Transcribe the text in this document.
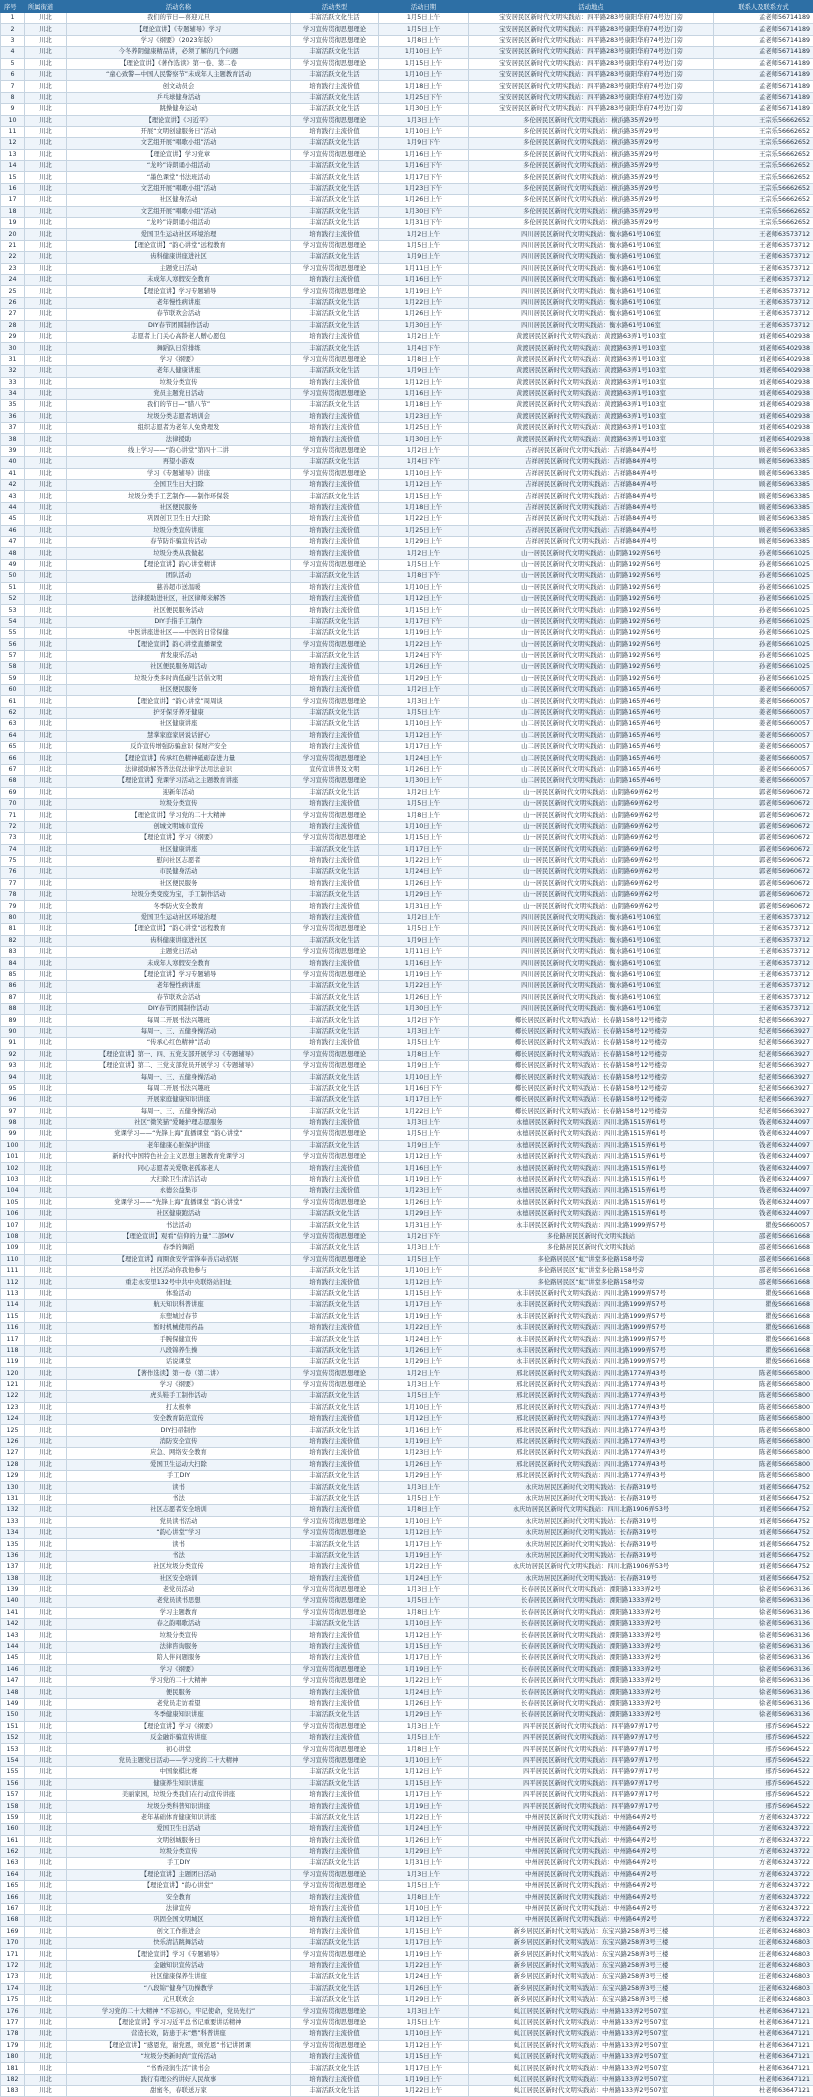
序号	所属街道	活动名称	活动类型	活动日期	活动地点	联系人及联系方式
1	川北	我们的节日—喜迎元旦	丰富活跃文化生活	1月5日上午	宝安居民区新时代文明实践站：四平路283号康阳华府74号边门旁	孟老师56714189
2	川北	【理论宣讲】《专题辅导》学习	学习宣传贯彻思想理论	1月5日上午	宝安居民区新时代文明实践站：四平路283号康阳华府74号边门旁	孟老师56714189
3	川北	学习《纲要》（2023年版）	学习宣传贯彻思想理论	1月8日上午	宝安居民区新时代文明实践站：四平路283号康阳华府74号边门旁	孟老师56714189
4	川北	今冬养阴健康精品讲，必须了解的几个问题	丰富活跃文化生活	1月10日上午	宝安居民区新时代文明实践站：四平路283号康阳华府74号边门旁	孟老师56714189
5	川北	【理论宣讲】《著作选读》第一卷、第二卷	学习宣传贯彻思想理论	1月15日上午	宝安居民区新时代文明实践站：四平路283号康阳华府74号边门旁	孟老师56714189
6	川北	“童心致警—中国人民警察节”未成年人主题教育活动	丰富活跃文化生活	1月10日上午	宝安居民区新时代文明实践站：四平路283号康阳华府74号边门旁	孟老师56714189
7	川北	创文动员会	培育践行主流价值	1月18日上午	宝安居民区新时代文明实践站：四平路283号康阳华府74号边门旁	孟老师56714189
8	川北	乒乓球健身活动	丰富活跃文化生活	1月25日下午	宝安居民区新时代文明实践站：四平路283号康阳华府74号边门旁	孟老师56714189
9	川北	跳操健身运动	丰富活跃文化生活	1月30日上午	宝安居民区新时代文明实践站：四平路283号康阳华府74号边门旁	孟老师56714189
10	川北	【理论宣讲】《习近平》	学习宣传贯彻思想理论	1月3日上午	多伦居民区新时代文明实践站：横浜路35弄29号	王宗乐56662652
11	川北	开展“文明创建服务日”活动	培育践行主流价值	1月10日上午	多伦居民区新时代文明实践站：横浜路35弄29号	王宗乐56662652
12	川北	文艺组开展“唱歌小组”活动	丰富活跃文化生活	1月9日下午	多伦居民区新时代文明实践站：横浜路35弄29号	王宗乐56662652
13	川北	【理论宣讲】学习党章	学习宣传贯彻思想理论	1月16日上午	多伦居民区新时代文明实践站：横浜路35弄29号	王宗乐56662652
14	川北	“龙吟”诗朗诵小组活动	丰富活跃文化生活	1月16日下午	多伦居民区新时代文明实践站：横浜路35弄29号	王宗乐56662652
15	川北	“墨色课堂”书法班活动	丰富活跃文化生活	1月17日下午	多伦居民区新时代文明实践站：横浜路35弄29号	王宗乐56662652
16	川北	文艺组开展“唱歌小组”活动	丰富活跃文化生活	1月23日下午	多伦居民区新时代文明实践站：横浜路35弄29号	王宗乐56662652
17	川北	社区健身活动	丰富活跃文化生活	1月26日上午	多伦居民区新时代文明实践站：横浜路35弄29号	王宗乐56662652
18	川北	文艺组开展“唱歌小组”活动	丰富活跃文化生活	1月30日下午	多伦居民区新时代文明实践站：横浜路35弄29号	王宗乐56662652
19	川北	“龙吟”诗朗诵小组活动	丰富活跃文化生活	1月31日下午	多伦居民区新时代文明实践站：横浜路35弄29号	王宗乐56662652
20	川北	爱国卫生运动社区环境治理	培育践行主流价值	1月2日上午	四川居民区新时代文明实践站：衡水路61号106室	王老师63573712
21	川北	【理论宣讲】“韵心讲堂”远程教育	学习宣传贯彻思想理论	1月5日上午	四川居民区新时代文明实践站：衡水路61号106室	王老师63573712
22	川北	齿科健康讲座进社区	丰富活跃文化生活	1月9日上午	四川居民区新时代文明实践站：衡水路61号106室	王老师63573712
23	川北	主题党日活动	学习宣传贯彻思想理论	1月11日上午	四川居民区新时代文明实践站：衡水路61号106室	王老师63573712
24	川北	未成年人寒假安全教育	培育践行主流价值	1月16日上午	四川居民区新时代文明实践站：衡水路61号106室	王老师63573712
25	川北	【理论宣讲】学习专题辅导	学习宣传贯彻思想理论	1月19日上午	四川居民区新时代文明实践站：衡水路61号106室	王老师63573712
26	川北	老年慢性病讲座	丰富活跃文化生活	1月22日上午	四川居民区新时代文明实践站：衡水路61号106室	王老师63573712
27	川北	春节联欢会活动	丰富活跃文化生活	1月26日上午	四川居民区新时代文明实践站：衡水路61号106室	王老师63573712
28	川北	DIY春节团圆制作活动	丰富活跃文化生活	1月30日上午	四川居民区新时代文明实践站：衡水路61号106室	王老师63573712
29	川北	志愿者上门关心高龄老人赠心愿包	培育践行主流价值	1月2日上午	黄渡居民区新时代文明实践站：黄渡路63弄1号103室	刘老师65402938
30	川北	舞蹈队日常排练	丰富活跃文化生活	1月4日下午	黄渡居民区新时代文明实践站：黄渡路63弄1号103室	刘老师65402938
31	川北	学习《纲要》	学习宣传贯彻思想理论	1月8日上午	黄渡居民区新时代文明实践站：黄渡路63弄1号103室	刘老师65402938
32	川北	老年人健康讲座	丰富活跃文化生活	1月9日上午	黄渡居民区新时代文明实践站：黄渡路63弄1号103室	刘老师65402938
33	川北	垃圾分类宣传	培育践行主流价值	1月12日上午	黄渡居民区新时代文明实践站：黄渡路63弄1号103室	刘老师65402938
34	川北	党员主题党日活动	学习宣传贯彻思想理论	1月16日上午	黄渡居民区新时代文明实践站：黄渡路63弄1号103室	刘老师65402938
35	川北	我们的节日—“腊八节”	丰富活跃文化生活	1月18日上午	黄渡居民区新时代文明实践站：黄渡路63弄1号103室	刘老师65402938
36	川北	垃圾分类志愿者培训会	培育践行主流价值	1月23日上午	黄渡居民区新时代文明实践站：黄渡路63弄1号103室	刘老师65402938
37	川北	组织志愿者为老年人免费理发	培育践行主流价值	1月25日上午	黄渡居民区新时代文明实践站：黄渡路63弄1号103室	刘老师65402938
38	川北	法律援助	培育践行主流价值	1月30日上午	黄渡居民区新时代文明实践站：黄渡路63弄1号103室	刘老师65402938
39	川北	线上学习——“韵心讲堂”第四十二讲	学习宣传贯彻思想理论	1月2日上午	吉祥居民区新时代文明实践站：吉祥路84弄4号	顾老师56963385
40	川北	再望小游戏	丰富活跃文化生活	1月4日下午	吉祥居民区新时代文明实践站：吉祥路84弄4号	顾老师56963385
41	川北	学习《专题辅导》讲座	学习宣传贯彻思想理论	1月10日上午	吉祥居民区新时代文明实践站：吉祥路84弄4号	顾老师56963385
42	川北	全国卫生日大扫除	培育践行主流价值	1月12日上午	吉祥居民区新时代文明实践站：吉祥路84弄4号	顾老师56963385
43	川北	垃圾分类手工艺制作——制作环保袋	丰富活跃文化生活	1月15日上午	吉祥居民区新时代文明实践站：吉祥路84弄4号	顾老师56963385
44	川北	社区便民服务	培育践行主流价值	1月18日上午	吉祥居民区新时代文明实践站：吉祥路84弄4号	顾老师56963385
45	川北	巩固创卫卫生日大扫除	培育践行主流价值	1月22日上午	吉祥居民区新时代文明实践站：吉祥路84弄4号	顾老师56963385
46	川北	垃圾分类宣传讲座	培育践行主流价值	1月25日上午	吉祥居民区新时代文明实践站：吉祥路84弄4号	顾老师56963385
47	川北	春节防诈骗宣传活动	培育践行主流价值	1月29日上午	吉祥居民区新时代文明实践站：吉祥路84弄4号	顾老师56963385
48	川北	垃圾分类从我做起	培育践行主流价值	1月2日上午	山一居民区新时代文明实践站：山阴路192弄56号	孙老师56661025
49	川北	【理论宣讲】韵心讲堂精讲	学习宣传贯彻思想理论	1月5日上午	山一居民区新时代文明实践站：山阴路192弄56号	孙老师56661025
50	川北	团队活动	丰富活跃文化生活	1月8日下午	山一居民区新时代文明实践站：山阴路192弄56号	孙老师56661025
51	川北	慈善超市送温暖	培育践行主流价值	1月10日上午	山一居民区新时代文明实践站：山阴路192弄56号	孙老师56661025
52	川北	法律援助进社区，社区律师来解答	培育践行主流价值	1月12日上午	山一居民区新时代文明实践站：山阴路192弄56号	孙老师56661025
53	川北	社区便民服务活动	培育践行主流价值	1月15日上午	山一居民区新时代文明实践站：山阴路192弄56号	孙老师56661025
54	川北	DIY手指手工制作	丰富活跃文化生活	1月17日下午	山一居民区新时代文明实践站：山阴路192弄56号	孙老师56661025
55	川北	中医讲座进社区——中医的日常保健	丰富活跃文化生活	1月19日上午	山一居民区新时代文明实践站：山阴路192弄56号	孙老师56661025
56	川北	【理论宣讲】韵心讲堂直播课堂	学习宣传贯彻思想理论	1月22日上午	山一居民区新时代文明实践站：山阴路192弄56号	孙老师56661025
57	川北	青发康乐活动	丰富活跃文化生活	1月24日下午	山一居民区新时代文明实践站：山阴路192弄56号	孙老师56661025
58	川北	社区便民服务周活动	培育践行主流价值	1月26日上午	山一居民区新时代文明实践站：山阴路192弄56号	孙老师56661025
59	川北	垃圾分类多时尚低碳生活倡文明	培育践行主流价值	1月29日上午	山一居民区新时代文明实践站：山阴路192弄56号	孙老师56661025
60	川北	社区便民服务	培育践行主流价值	1月2日上午	山二居民区新时代文明实践站：山阴路165弄46号	姜老师56660057
61	川北	【理论宣讲】“韵心讲堂”周周谈	学习宣传贯彻思想理论	1月3日上午	山二居民区新时代文明实践站：山阴路165弄46号	姜老师56660057
62	川北	护牙保牙养牙健康	丰富活跃文化生活	1月5日上午	山二居民区新时代文明实践站：山阴路165弄46号	姜老师56660057
63	川北	社区健康讲座	丰富活跃文化生活	1月10日上午	山二居民区新时代文明实践站：山阴路165弄46号	姜老师56660057
64	川北	慧掌家庭家居说话舒心	培育践行主流价值	1月12日上午	山二居民区新时代文明实践站：山阴路165弄46号	姜老师56660057
65	川北	反诈宣传增强防骗意识 保财产安全	培育践行主流价值	1月17日上午	山二居民区新时代文明实践站：山阴路165弄46号	姜老师56660057
66	川北	【理论宣讲】传承红色精神砥砺奋进力量	学习宣传贯彻思想理论	1月24日上午	山二居民区新时代文明实践站：山阴路165弄46号	姜老师56660057
67	川北	法律援助解答普法促法律学法用法意识	宣传宣讲普及文明	1月26日上午	山二居民区新时代文明实践站：山阴路165弄46号	姜老师56660057
68	川北	【理论宣讲】党课学习活动之主题教育讲座	学习宣传贯彻思想理论	1月30日上午	山二居民区新时代文明实践站：山阴路165弄46号	姜老师56660057
69	川北	迎新年活动	丰富活跃文化生活	1月2日上午	山一居民区新时代文明实践站：山阴路69弄62号	郭老师56960672
70	川北	垃圾分类宣传	培育践行主流价值	1月5日上午	山一居民区新时代文明实践站：山阴路69弄62号	郭老师56960672
71	川北	【理论宣讲】学习党的二十大精神	学习宣传贯彻思想理论	1月8日上午	山一居民区新时代文明实践站：山阴路69弄62号	郭老师56960672
72	川北	创城文明城市宣传	培育践行主流价值	1月10日上午	山一居民区新时代文明实践站：山阴路69弄62号	郭老师56960672
73	川北	【理论宣讲】学习《纲要》	学习宣传贯彻思想理论	1月15日上午	山一居民区新时代文明实践站：山阴路69弄62号	郭老师56960672
74	川北	社区健康讲座	丰富活跃文化生活	1月17日上午	山一居民区新时代文明实践站：山阴路69弄62号	郭老师56960672
75	川北	慰问社区志愿者	培育践行主流价值	1月22日上午	山一居民区新时代文明实践站：山阴路69弄62号	郭老师56960672
76	川北	市民健身活动	丰富活跃文化生活	1月24日上午	山一居民区新时代文明实践站：山阴路69弄62号	郭老师56960672
77	川北	社区便民服务	培育践行主流价值	1月26日上午	山一居民区新时代文明实践站：山阴路69弄62号	郭老师56960672
78	川北	垃圾分类变废为宝，手工制作活动	丰富活跃文化生活	1月29日上午	山一居民区新时代文明实践站：山阴路69弄62号	郭老师56960672
79	川北	冬季防火安全教育	培育践行主流价值	1月31日上午	山一居民区新时代文明实践站：山阴路69弄62号	郭老师56960672
80	川北	爱国卫生运动社区环境治理	培育践行主流价值	1月2日上午	四川居民区新时代文明实践站：衡水路61号106室	王老师63573712
81	川北	【理论宣讲】“韵心讲堂”远程教育	学习宣传贯彻思想理论	1月5日上午	四川居民区新时代文明实践站：衡水路61号106室	王老师63573712
82	川北	齿科健康讲座进社区	丰富活跃文化生活	1月9日上午	四川居民区新时代文明实践站：衡水路61号106室	王老师63573712
83	川北	主题党日活动	学习宣传贯彻思想理论	1月11日上午	四川居民区新时代文明实践站：衡水路61号106室	王老师63573712
84	川北	未成年人寒假安全教育	培育践行主流价值	1月16日上午	四川居民区新时代文明实践站：衡水路61号106室	王老师63573712
85	川北	【理论宣讲】学习专题辅导	学习宣传贯彻思想理论	1月19日上午	四川居民区新时代文明实践站：衡水路61号106室	王老师63573712
86	川北	老年慢性病讲座	丰富活跃文化生活	1月22日上午	四川居民区新时代文明实践站：衡水路61号106室	王老师63573712
87	川北	春节联欢会活动	丰富活跃文化生活	1月26日上午	四川居民区新时代文明实践站：衡水路61号106室	王老师63573712
88	川北	DIY春节团圆制作活动	丰富活跃文化生活	1月30日上午	四川居民区新时代文明实践站：衡水路61号106室	王老师63573712
89	川北	每周二开展书法兴趣班	丰富活跃文化生活	1月2日下午	椰长居民区新时代文明实践站：长春路158号12号楼旁	纪老师56663927
90	川北	每周一、三、五健身操活动	丰富活跃文化生活	1月3日上午	椰长居民区新时代文明实践站：长春路158号12号楼旁	纪老师56663927
91	川北	“传承心红色精神”活动	培育践行主流价值	1月5日上午	椰长居民区新时代文明实践站：长春路158号12号楼旁	纪老师56663927
92	川北	【理论宣讲】第一、四、五党支部开展学习《专题辅导》	学习宣传贯彻思想理论	1月8日上午	椰长居民区新时代文明实践站：长春路158号12号楼旁	纪老师56663927
93	川北	【理论宣讲】第二、三党支部党员开展学习《专题辅导》	学习宣传贯彻思想理论	1月9日上午	椰长居民区新时代文明实践站：长春路158号12号楼旁	纪老师56663927
94	川北	每周一、三、五健身操活动	丰富活跃文化生活	1月10日上午	椰长居民区新时代文明实践站：长春路158号12号楼旁	纪老师56663927
95	川北	每周二开展书法兴趣班	丰富活跃文化生活	1月16日下午	椰长居民区新时代文明实践站：长春路158号12号楼旁	纪老师56663927
96	川北	开展家庭健康知识讲座	丰富活跃文化生活	1月17日上午	椰长居民区新时代文明实践站：长春路158号12号楼旁	纪老师56663927
97	川北	每周一、三、五健身操活动	丰富活跃文化生活	1月22日上午	椰长居民区新时代文明实践站：长春路158号12号楼旁	纪老师56663927
98	川北	社区“微笑猫”爱睡护理志愿服务	培育践行主流价值	1月3日上午	永德居民区新时代文明实践站：四川北路1515弄61号	钱老师63244097
99	川北	党课学习——“先锋上海”直播课堂 “韵心讲堂”	学习宣传贯彻思想理论	1月5日上午	永德居民区新时代文明实践站：四川北路1515弄61号	钱老师63244097
100	川北	老年健康心脏保护讲座	丰富活跃文化生活	1月9日上午	永德居民区新时代文明实践站：四川北路1515弄61号	钱老师63244097
101	川北	新时代中国特色社会主义思想主题教育党课学习	学习宣传贯彻思想理论	1月12日上午	永德居民区新时代文明实践站：四川北路1515弄61号	钱老师63244097
102	川北	同心志愿者关爱敬老孤寡老人	培育践行主流价值	1月16日上午	永德居民区新时代文明实践站：四川北路1515弄61号	钱老师63244097
103	川北	大扫除卫生清洁活动	培育践行主流价值	1月19日上午	永德居民区新时代文明实践站：四川北路1515弄61号	钱老师63244097
104	川北	永德公益集市	培育践行主流价值	1月23日上午	永德居民区新时代文明实践站：四川北路1515弄61号	钱老师63244097
105	川北	党课学习——“先锋上海”直播课堂 “韵心讲堂”	学习宣传贯彻思想理论	1月26日上午	永德居民区新时代文明实践站：四川北路1515弄61号	钱老师63244097
106	川北	社区健康跑活动	丰富活跃文化生活	1月29日上午	永德居民区新时代文明实践站：四川北路1515弄61号	钱老师63244097
107	川北	书法活动	丰富活跃文化生活	1月31日上午	永丰居民区新时代文明实践站：四川北路1999弄57号	瞿俊56660057
108	川北	【理论宣讲】观看“信仰的力量”二部MV	学习宣传贯彻思想理论	1月2日下午	多伦路居民区新时代文明实践站	邵老师56661668
109	川北	春季的舞蹈	丰富活跃文化生活	1月3日上午	多伦路居民区新时代文明实践站	邵老师56661668
110	川北	【理论宣讲】商圈食安学雷锋奉善启动招展	学习宣传贯彻思想理论	1月5日上午	多伦路居民区“虹”讲堂多伦路158号旁	邵老师56661668
111	川北	社区活动你我他参与	丰富活跃文化生活	1月10日上午	多伦路居民区“虹”讲堂多伦路158号旁	邵老师56661668
112	川北	重走永安里132号中共中央联络站旧址	培育践行主流价值	1月12日上午	多伦路居民区“虹”讲堂多伦路158号旁	邵老师56661668
113	川北	体验活动	丰富活跃文化生活	1月15日上午	永丰居民区新时代文明实践站：四川北路1999弄57号	瞿俊56661668
114	川北	航天知识科普讲座	丰富活跃文化生活	1月17日上午	永丰居民区新时代文明实践站：四川北路1999弄57号	瞿俊56661668
115	川北	东塑城过春节	丰富活跃文化生活	1月19日上午	永丰居民区新时代文明实践站：四川北路1999弄57号	瞿俊56661668
116	川北	暂时机械使用药品	培育践行主流价值	1月22日上午	永丰居民区新时代文明实践站：四川北路1999弄57号	瞿俊56661668
117	川北	手腕保健宣传	丰富活跃文化生活	1月24日上午	永丰居民区新时代文明实践站：四川北路1999弄57号	瞿俊56661668
118	川北	八段锦养生操	丰富活跃文化生活	1月26日上午	永丰居民区新时代文明实践站：四川北路1999弄57号	瞿俊56661668
119	川北	话说课堂	丰富活跃文化生活	1月29日上午	永丰居民区新时代文明实践站：四川北路1999弄57号	瞿俊56661668
120	川北	【著作选读】第一卷（第二讲）	学习宣传贯彻思想理论	1月2日上午	邢北居民区新时代文明实践站：四川北路1774弄43号	陈老师56665800
121	川北	学习《纲要》	学习宣传贯彻思想理论	1月3日上午	邢北居民区新时代文明实践站：四川北路1774弄43号	陈老师56665800
122	川北	虎头鞋手工制作活动	丰富活跃文化生活	1月5日上午	邢北居民区新时代文明实践站：四川北路1774弄43号	陈老师56665800
123	川北	打太极拳	丰富活跃文化生活	1月10日上午	邢北居民区新时代文明实践站：四川北路1774弄43号	陈老师56665800
124	川北	安全教育防范宣传	培育践行主流价值	1月12日上午	邢北居民区新时代文明实践站：四川北路1774弄43号	陈老师56665800
125	川北	DIY扫帚制作	丰富活跃文化生活	1月16日上午	邢北居民区新时代文明实践站：四川北路1774弄43号	陈老师56665800
126	川北	消防安全宣传	培育践行主流价值	1月19日上午	邢北居民区新时代文明实践站：四川北路1774弄43号	陈老师56665800
127	川北	应急、网络安全教育	培育践行主流价值	1月23日上午	邢北居民区新时代文明实践站：四川北路1774弄43号	陈老师56665800
128	川北	爱国卫生运动大扫除	培育践行主流价值	1月26日上午	邢北居民区新时代文明实践站：四川北路1774弄43号	陈老师56665800
129	川北	手工DIY	丰富活跃文化生活	1月29日上午	邢北居民区新时代文明实践站：四川北路1774弄43号	陈老师56665800
130	川北	读书	丰富活跃文化生活	1月3日上午	永庆坊居民区新时代文明实践站：长春路319号	刘老师56664752
131	川北	书法	丰富活跃文化生活	1月5日上午	永庆坊居民区新时代文明实践站：长春路319号	刘老师56664752
132	川北	社区志愿者安全培训	培育践行主流价值	1月8日上午	永庆坊居民区新时代文明实践站：四川北路1906弄53号	刘老师56664752
133	川北	党员读书活动	学习宣传贯彻思想理论	1月10日上午	永庆坊居民区新时代文明实践站：长春路319号	刘老师56664752
134	川北	“韵心讲堂”学习	学习宣传贯彻思想理论	1月12日上午	永庆坊居民区新时代文明实践站：长春路319号	刘老师56664752
135	川北	读书	丰富活跃文化生活	1月17日上午	永庆坊居民区新时代文明实践站：长春路319号	刘老师56664752
136	川北	书法	丰富活跃文化生活	1月19日上午	永庆坊居民区新时代文明实践站：长春路319号	刘老师56664752
137	川北	社区垃圾分类宣传	培育践行主流价值	1月22日上午	永庆坊居民区新时代文明实践站：四川北路1906弄53号	刘老师56664752
138	川北	社区安全培训	培育践行主流价值	1月24日上午	永庆坊居民区新时代文明实践站：长春路319号	刘老师56664752
139	川北	老党员活动	学习宣传贯彻思想理论	1月3日上午	长春居民区新时代文明实践站：溧阳路1333弄2号	徐老师56963136
140	川北	老党员读书思想	学习宣传贯彻思想理论	1月5日上午	长春居民区新时代文明实践站：溧阳路1333弄2号	徐老师56963136
141	川北	学习主题教育	学习宣传贯彻思想理论	1月8日上午	长春居民区新时代文明实践站：溧阳路1333弄2号	徐老师56963136
142	川北	春之韵唱歌活动	丰富活跃文化生活	1月10日上午	长春居民区新时代文明实践站：溧阳路1333弄2号	徐老师56963136
143	川北	垃圾分类宣传	培育践行主流价值	1月12日上午	长春居民区新时代文明实践站：溧阳路1333弄2号	徐老师56963136
144	川北	法律咨询服务	培育践行主流价值	1月15日上午	长春居民区新时代文明实践站：溧阳路1333弄2号	徐老师56963136
145	川北	陪人伴问题服务	培育践行主流价值	1月17日上午	长春居民区新时代文明实践站：溧阳路1333弄2号	徐老师56963136
146	川北	学习《纲要》	学习宣传贯彻思想理论	1月19日上午	长春居民区新时代文明实践站：溧阳路1333弄2号	徐老师56963136
147	川北	学习党的二十大精神	学习宣传贯彻思想理论	1月22日上午	长春居民区新时代文明实践站：溧阳路1333弄2号	徐老师56963136
148	川北	便民服务	培育践行主流价值	1月24日上午	长春居民区新时代文明实践站：溧阳路1333弄2号	徐老师56963136
149	川北	老党员走访看望	培育践行主流价值	1月26日上午	长春居民区新时代文明实践站：溧阳路1333弄2号	徐老师56963136
150	川北	冬季健康知识讲座	丰富活跃文化生活	1月29日上午	长春居民区新时代文明实践站：溧阳路1333弄2号	徐老师56963136
151	川北	【理论宣讲】学习《纲要》	学习宣传贯彻思想理论	1月3日上午	四平居民区新时代文明实践站：四平路97弄17号	邢乔56964522
152	川北	反金融诈骗宣传讲座	培育践行主流价值	1月5日上午	四平居民区新时代文明实践站：四平路97弄17号	邢乔56964522
153	川北	初心讲堂	学习宣传贯彻思想理论	1月8日上午	四平居民区新时代文明实践站：四平路97弄17号	邢乔56964522
154	川北	党员主题党日活动——学习党的二十大精神	学习宣传贯彻思想理论	1月10日上午	四平居民区新时代文明实践站：四平路97弄17号	邢乔56964522
155	川北	中国象棋比赛	丰富活跃文化生活	1月12日上午	四平居民区新时代文明实践站：四平路97弄17号	邢乔56964522
156	川北	健康养生知识讲座	丰富活跃文化生活	1月15日上午	四平居民区新时代文明实践站：四平路97弄17号	邢乔56964522
157	川北	美丽家园，垃圾分类我们在行动宣传讲座	培育践行主流价值	1月17日上午	四平居民区新时代文明实践站：四平路97弄17号	邢乔56964522
158	川北	垃圾分类科普知识讲座	培育践行主流价值	1月19日上午	四平居民区新时代文明实践站：四平路97弄17号	邢乔56964522
159	川北	老年基础体育健康知识讲座	丰富活跃文化生活	1月22日上午	中州居民区新时代文明实践站：中州路64弄2号	方老师63243722
160	川北	爱国卫生日活动	培育践行主流价值	1月24日上午	中州居民区新时代文明实践站：中州路64弄2号	方老师63243722
161	川北	文明创城服务日	培育践行主流价值	1月26日上午	中州居民区新时代文明实践站：中州路64弄2号	方老师63243722
162	川北	垃圾分类宣传	培育践行主流价值	1月29日上午	中州居民区新时代文明实践站：中州路64弄2号	方老师63243722
163	川北	手工DIY	丰富活跃文化生活	1月31日上午	中州居民区新时代文明实践站：中州路64弄2号	方老师63243722
164	川北	【理论宣讲】主题团日活动	学习宣传贯彻思想理论	1月3日上午	中州居民区新时代文明实践站：中州路64弄2号	方老师63243722
165	川北	【理论宣讲】“韵心讲堂”	学习宣传贯彻思想理论	1月5日上午	中州居民区新时代文明实践站：中州路64弄2号	方老师63243722
166	川北	安全教育	培育践行主流价值	1月8日上午	中州居民区新时代文明实践站：中州路64弄2号	方老师63243722
167	川北	法律宣传	培育践行主流价值	1月10日上午	中州居民区新时代文明实践站：中州路64弄2号	方老师63243722
168	川北	巩固全国文明城区	培育践行主流价值	1月12日上午	中州居民区新时代文明实践站：中州路64弄2号	方老师63243722
169	川北	创文工作推进会	培育践行主流价值	1月15日上午	新乡居民区新时代文明实践站：东宝兴路258弄3号三楼	汪老师63246803
170	川北	快乐清洁跳舞活动	丰富活跃文化生活	1月17日上午	新乡居民区新时代文明实践站：东宝兴路258弄3号三楼	汪老师63246803
171	川北	【理论宣讲】学习《专题辅导》	学习宣传贯彻思想理论	1月19日上午	新乡居民区新时代文明实践站：东宝兴路258弄3号三楼	汪老师63246803
172	川北	金融知识宣传活动	培育践行主流价值	1月22日上午	新乡居民区新时代文明实践站：东宝兴路258弄3号三楼	汪老师63246803
173	川北	社区健康保养生讲座	丰富活跃文化生活	1月24日上午	新乡居民区新时代文明实践站：东宝兴路258弄3号三楼	汪老师63246803
174	川北	“八段锦”健身气功操教学	丰富活跃文化生活	1月26日上午	新乡居民区新时代文明实践站：东宝兴路258弄3号三楼	汪老师63246803
175	川北	元旦联欢会	丰富活跃文化生活	1月29日上午	新乡居民区新时代文明实践站：东宝兴路258弄3号三楼	汪老师63246803
176	川北	学习党的二十大精神 “不忘初心，牢记使命，党员先行”	学习宣传贯彻思想理论	1月3日上午	虬江居民区新时代文明实践站：中州路133弄2号507室	杜老师63647121
177	川北	【理论宣讲】学习习近平总书记重要讲话精神	学习宣传贯彻思想理论	1月5日上午	虬江居民区新时代文明实践站：中州路133弄2号507室	杜老师63647121
178	川北	营造长效，防患于未“燃”科普讲座	培育践行主流价值	1月10日上午	虬江居民区新时代文明实践站：中州路133弄2号507室	杜老师63647121
179	川北	【理论宣讲】“感恩党，谢党恩，颂党恩”书记讲团课	学习宣传贯彻思想理论	1月12日上午	虬江居民区新时代文明实践站：中州路133弄2号507室	杜老师63647121
180	川北	“垃圾分类新时尚”宣传活动	培育践行主流价值	1月15日上午	虬江居民区新时代文明实践站：中州路133弄2号507室	杜老师63647121
181	川北	“书香浸润生活”读书会	丰富活跃文化生活	1月17日上午	虬江居民区新时代文明实践站：中州路133弄2号507室	杜老师63647121
182	川北	践行有理公约讲好人民故事	培育践行主流价值	1月19日上午	虬江居民区新时代文明实践站：中州路133弄2号507室	杜老师63647121
183	川北	甜蜜冬，春联送万家	丰富活跃文化生活	1月22日上午	虬江居民区新时代文明实践站：中州路133弄2号507室	杜老师63647121
